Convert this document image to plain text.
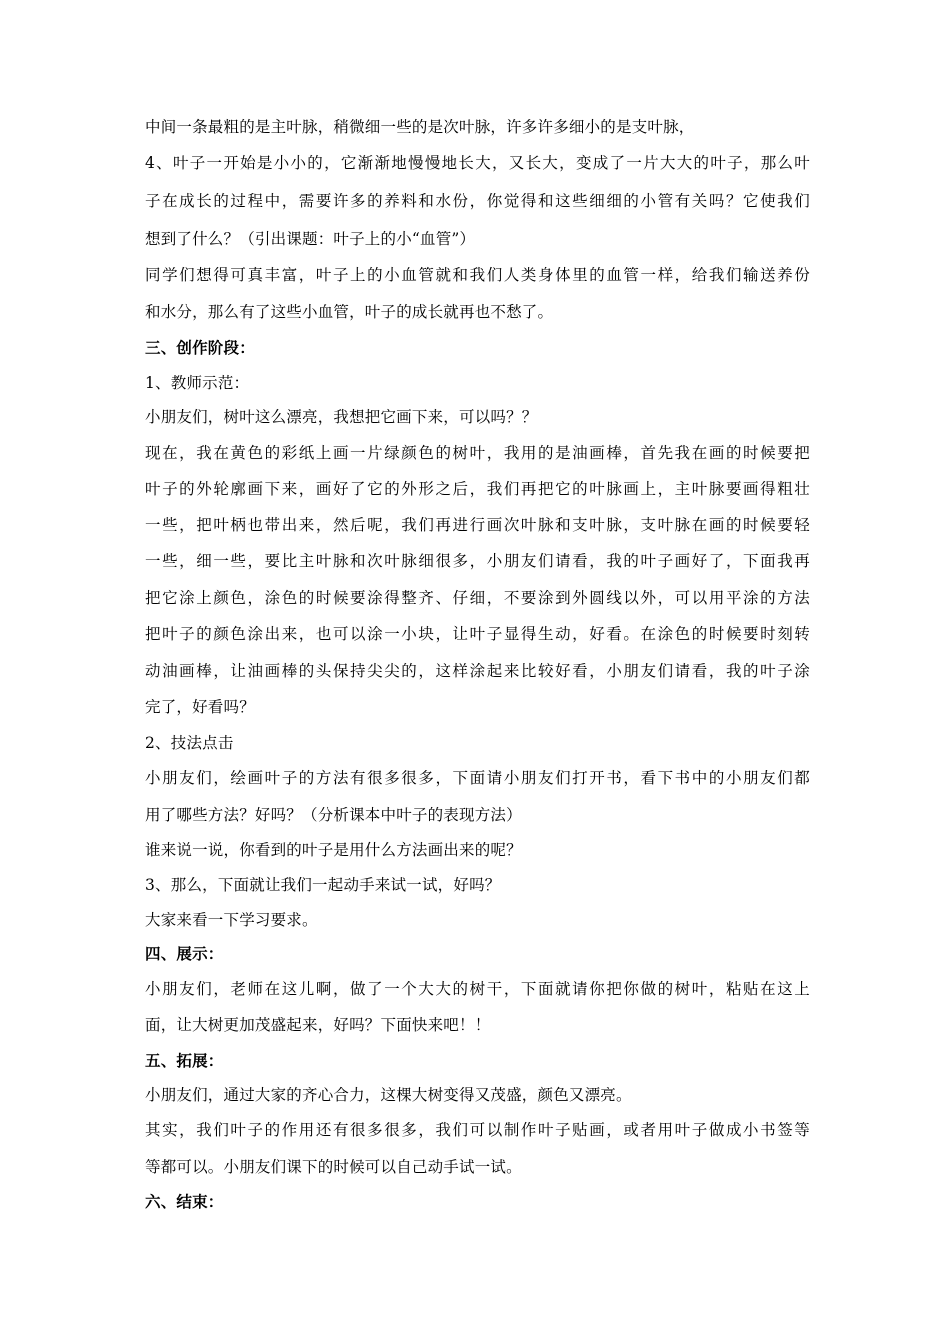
中间一条最粗的是主叶脉，稍微细一些的是次叶脉，许多许多细小的是支叶脉，
4、叶子一开始是小小的，它渐渐地慢慢地长大，又长大，变成了一片大大的叶子，那么叶
子在成长的过程中，需要许多的养料和水份，你觉得和这些细细的小管有关吗？它使我们
想到了什么？（引出课题：叶子上的小“血管”）
同学们想得可真丰富，叶子上的小血管就和我们人类身体里的血管一样，给我们输送养份
和水分，那么有了这些小血管，叶子的成长就再也不愁了。
三、创作阶段：
1、教师示范：
小朋友们，树叶这么漂亮，我想把它画下来，可以吗？？
现在，我在黄色的彩纸上画一片绿颜色的树叶，我用的是油画棒，首先我在画的时候要把
叶子的外轮廓画下来，画好了它的外形之后，我们再把它的叶脉画上，主叶脉要画得粗壮
一些，把叶柄也带出来，然后呢，我们再进行画次叶脉和支叶脉，支叶脉在画的时候要轻
一些，细一些，要比主叶脉和次叶脉细很多，小朋友们请看，我的叶子画好了，下面我再
把它涂上颜色，涂色的时候要涂得整齐、仔细，不要涂到外圆线以外，可以用平涂的方法
把叶子的颜色涂出来，也可以涂一小块，让叶子显得生动，好看。在涂色的时候要时刻转
动油画棒，让油画棒的头保持尖尖的，这样涂起来比较好看，小朋友们请看，我的叶子涂
完了，好看吗？
2、技法点击
小朋友们，绘画叶子的方法有很多很多，下面请小朋友们打开书，看下书中的小朋友们都
用了哪些方法？好吗？（分析课本中叶子的表现方法）
谁来说一说，你看到的叶子是用什么方法画出来的呢？
3、那么，下面就让我们一起动手来试一试，好吗？
大家来看一下学习要求。
四、展示：
小朋友们，老师在这儿啊，做了一个大大的树干，下面就请你把你做的树叶，粘贴在这上
面，让大树更加茂盛起来，好吗？下面快来吧！！
五、拓展：
小朋友们，通过大家的齐心合力，这棵大树变得又茂盛，颜色又漂亮。
其实，我们叶子的作用还有很多很多，我们可以制作叶子贴画，或者用叶子做成小书签等
等都可以。小朋友们课下的时候可以自己动手试一试。
六、结束：
